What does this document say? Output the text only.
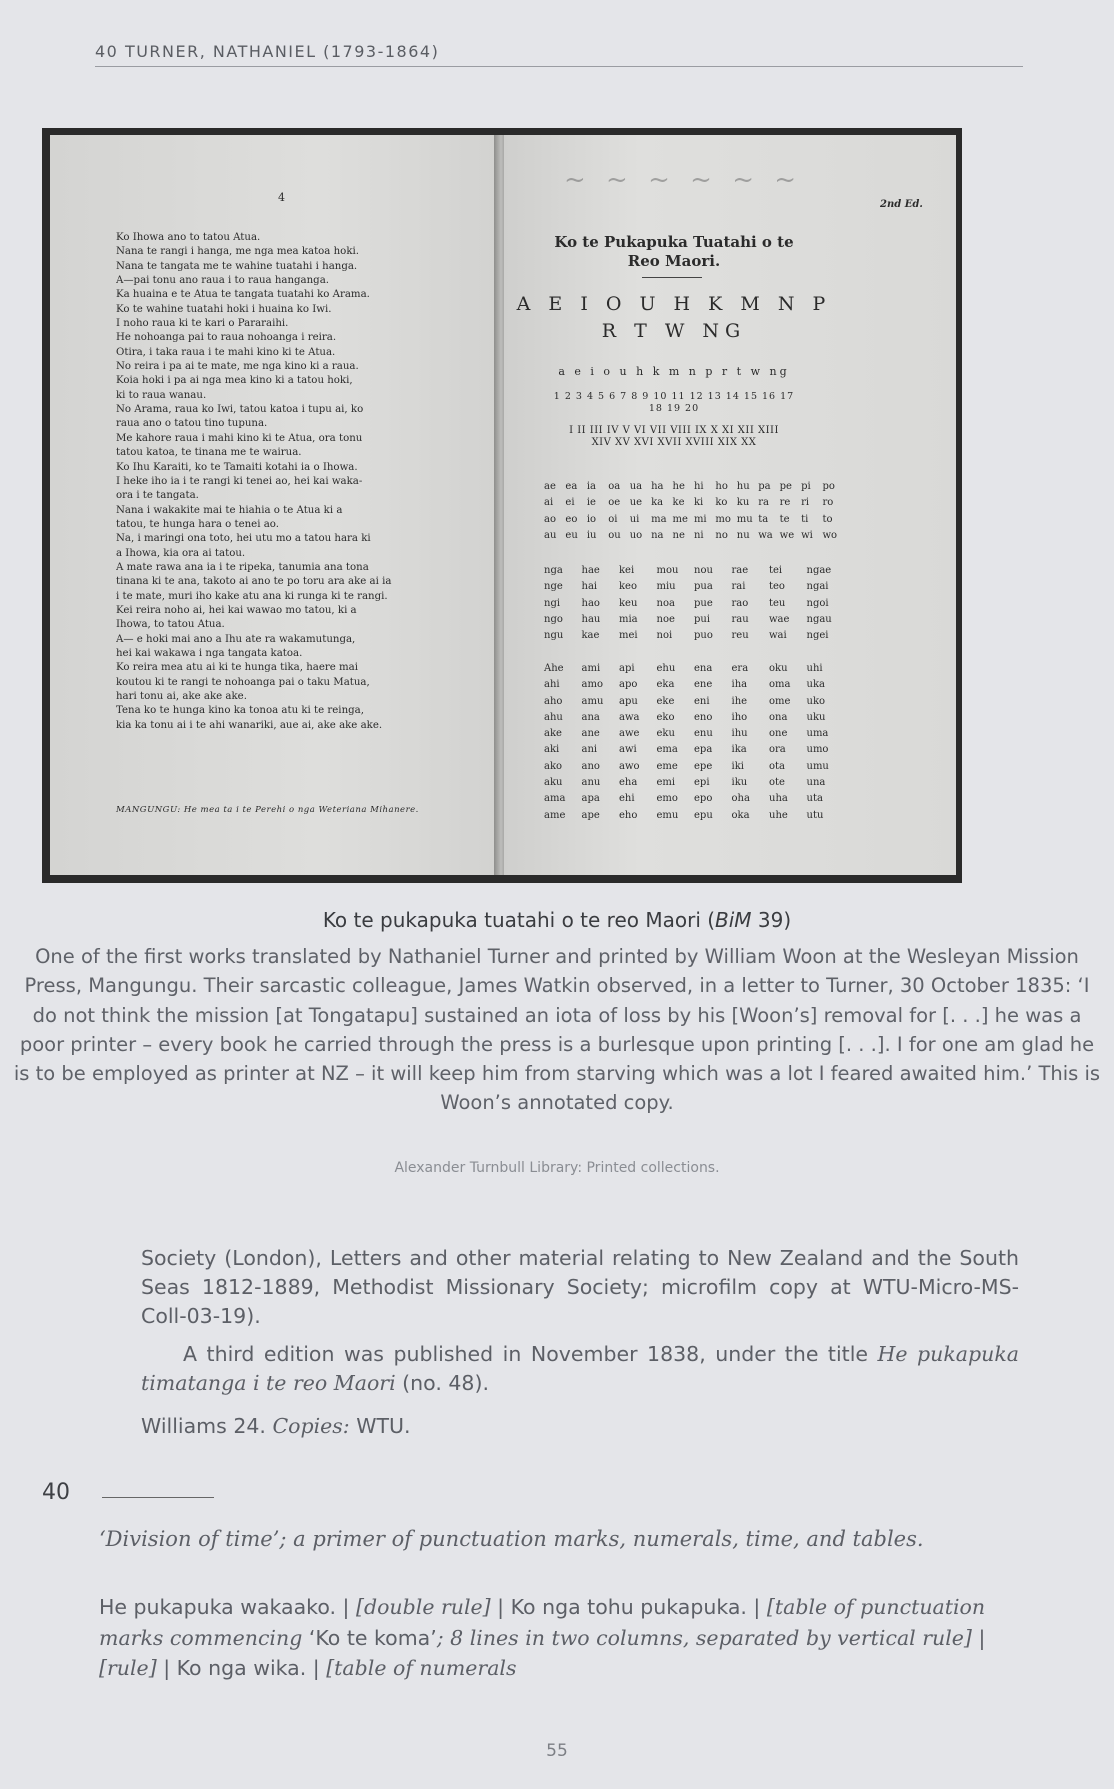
40 TURNER, NATHANIEL (1793-1864)
4
Ko Ihowa ano to tatou Atua.
Nana te rangi i hanga, me nga mea katoa hoki.
Nana te tangata me te wahine tuatahi i hanga.
A—pai tonu ano raua i to raua hanganga.
Ka huaina e te Atua te tangata tuatahi ko Arama.
Ko te wahine tuatahi hoki i huaina ko Iwi.
I noho raua ki te kari o Pararaihi.
He nohoanga pai to raua nohoanga i reira.
Otira, i taka raua i te mahi kino ki te Atua.
No reira i pa ai te mate, me nga kino ki a raua.
Koia hoki i pa ai nga mea kino ki a tatou hoki,
ki to raua wanau.
No Arama, raua ko Iwi, tatou katoa i tupu ai, ko
raua ano o tatou tino tupuna.
Me kahore raua i mahi kino ki te Atua, ora tonu
tatou katoa, te tinana me te wairua.
Ko Ihu Karaiti, ko te Tamaiti kotahi ia o Ihowa.
I heke iho ia i te rangi ki tenei ao, hei kai waka-
ora i te tangata.
Nana i wakakite mai te hiahia o te Atua ki a
tatou, te hunga hara o tenei ao.
Na, i maringi ona toto, hei utu mo a tatou hara ki
a Ihowa, kia ora ai tatou.
A mate rawa ana ia i te ripeka, tanumia ana tona
tinana ki te ana, takoto ai ano te po toru ara ake ai ia
i te mate, muri iho kake atu ana ki runga ki te rangi.
Kei reira noho ai, hei kai wawao mo tatou, ki a
Ihowa, to tatou Atua.
A— e hoki mai ano a Ihu ate ra wakamutunga,
hei kai wakawa i nga tangata katoa.
Ko reira mea atu ai ki te hunga tika, haere mai
koutou ki te rangi te nohoanga pai o taku Matua,
hari tonu ai, ake ake ake.
Tena ko te hunga kino ka tonoa atu ki te reinga,
kia ka tonu ai i te ahi wanariki, aue ai, ake ake ake.
MANGUNGU: He mea ta i te Perehi o nga Weteriana Mihanere.
~ ~ ~ ~ ~ ~
2nd Ed.
Ko te Pukapuka Tuatahi o te
Reo Maori.
A E I O U H K M N P
R T W NG
a e i o u h k m n p r t w ng
1 2 3 4 5 6 7 8 9 10 11 12 13 14 15 16 17
18 19 20
I II III IV V VI VII VIII IX X XI XII XIII
XIV XV XVI XVII XVIII XIX XX
ae	ea	ia	oa	ua	ha	he	hi	ho	hu	pa	pe	pi	po
ai	ei	ie	oe	ue	ka	ke	ki	ko	ku	ra	re	ri	ro
ao	eo	io	oi	ui	ma	me	mi	mo	mu	ta	te	ti	to
au	eu	iu	ou	uo	na	ne	ni	no	nu	wa	we	wi	wo
nga	hae	kei	mou	nou	rae	tei	ngae
nge	hai	keo	miu	pua	rai	teo	ngai
ngi	hao	keu	noa	pue	rao	teu	ngoi
ngo	hau	mia	noe	pui	rau	wae	ngau
ngu	kae	mei	noi	puo	reu	wai	ngei
Ahe	ami	api	ehu	ena	era	oku	uhi
ahi	amo	apo	eka	ene	iha	oma	uka
aho	amu	apu	eke	eni	ihe	ome	uko
ahu	ana	awa	eko	eno	iho	ona	uku
ake	ane	awe	eku	enu	ihu	one	uma
aki	ani	awi	ema	epa	ika	ora	umo
ako	ano	awo	eme	epe	iki	ota	umu
aku	anu	eha	emi	epi	iku	ote	una
ama	apa	ehi	emo	epo	oha	uha	uta
ame	ape	eho	emu	epu	oka	uhe	utu
Ko te pukapuka tuatahi o te reo Maori (BiM 39)
One of the first works translated by Nathaniel Turner and printed by William Woon at the Wesleyan Mission Press, Mangungu. Their sarcastic colleague, James Watkin observed, in a letter to Turner, 30 October 1835: ‘I do not think the mission [at Tongatapu] sustained an iota of loss by his [Woon’s] removal for [. . .] he was a poor printer – every book he carried through the press is a burlesque upon printing [. . .]. I for one am glad he is to be employed as printer at NZ – it will keep him from starving which was a lot I feared awaited him.’ This is Woon’s annotated copy.
Alexander Turnbull Library: Printed collections.
Society (London), Letters and other material relating to New Zealand and the South Seas 1812-1889, Methodist Missionary Society; microfilm copy at WTU-Micro-MS-Coll-03-19).
A third edition was published in November 1838, under the title He pukapuka timatanga i te reo Maori (no. 48).
Williams 24. Copies: WTU.
40
‘Division of time’; a primer of punctuation marks, numerals, time, and tables.
He pukapuka wakaako. | [double rule] | Ko nga tohu pukapuka. | [table of punctuation marks commencing ‘Ko te koma’; 8 lines in two columns, separated by vertical rule] | [rule] | Ko nga wika. | [table of numerals
55
